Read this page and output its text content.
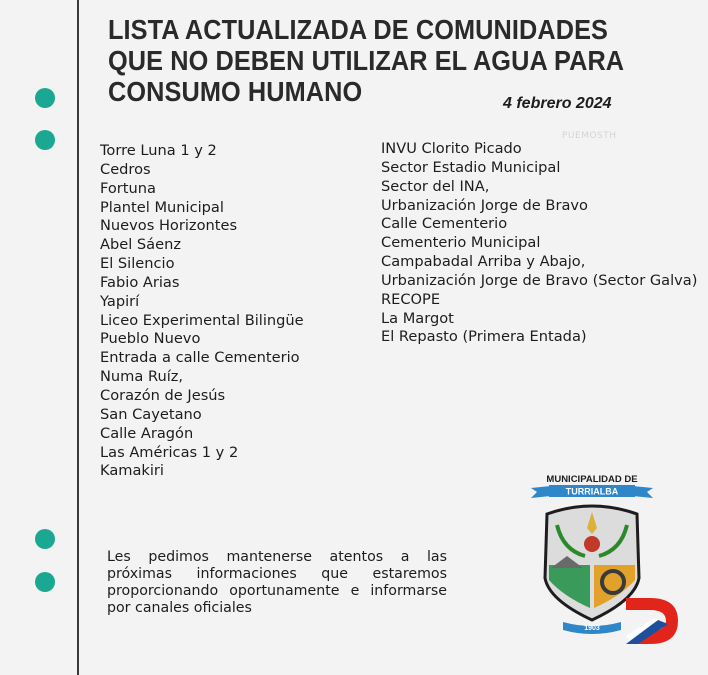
LISTA ACTUALIZADA DE COMUNIDADES
QUE NO DEBEN UTILIZAR EL AGUA PARA
CONSUMO HUMANO	4 febrero 2024
PUEMOSTH
Torre Luna 1 y 2
Cedros
Fortuna
Plantel Municipal
Nuevos Horizontes
Abel Sáenz
El Silencio
Fabio Arias
Yapirí
Liceo Experimental Bilingüe
Pueblo Nuevo
Entrada a calle Cementerio
Numa Ruíz,
Corazón de Jesús
San Cayetano
Calle Aragón
Las Américas 1 y 2
Kamakiri
INVU Clorito Picado
Sector Estadio Municipal
Sector del INA,
Urbanización Jorge de Bravo
Calle Cementerio
Cementerio Municipal
Campabadal Arriba y Abajo,
Urbanización Jorge de Bravo (Sector Galva)
RECOPE
La Margot
El Repasto (Primera Entada)

Les pedimos mantenerse atentos a las próximas informaciones que estaremos proporcionando oportunamente e informarse por canales oficiales

MUNICIPALIDAD DE
TURRIALBA
1903
